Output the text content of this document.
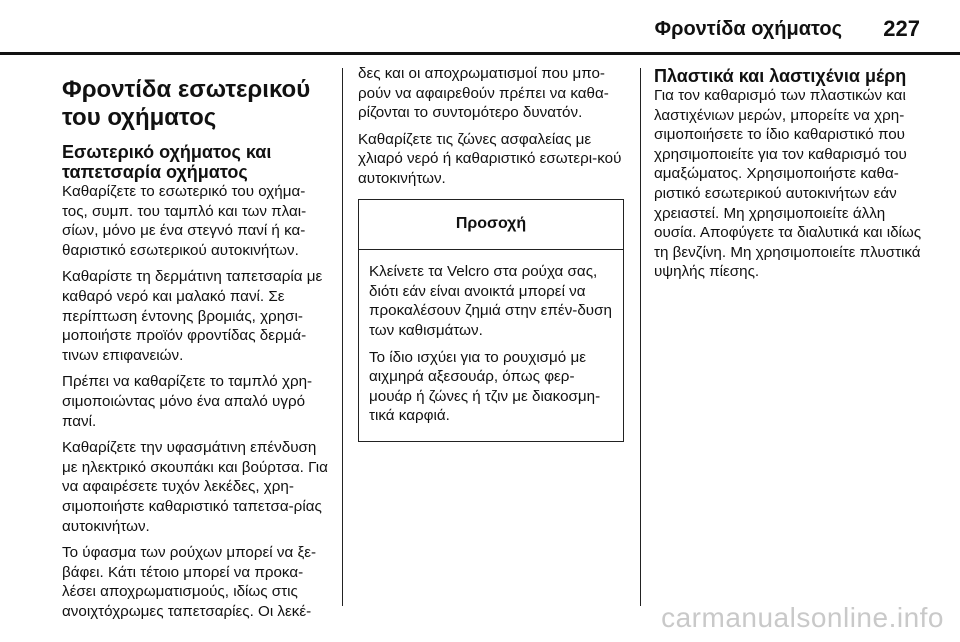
Φροντίδα οχήματος 227
Φροντίδα εσωτερικού του οχήματος
Εσωτερικό οχήματος και ταπετσαρία οχήματος

Καθαρίζετε το εσωτερικό του οχήμα-τος, συμπ. του ταμπλό και των πλαι-σίων, μόνο με ένα στεγνό πανί ή κα-θαριστικό εσωτερικού αυτοκινήτων.

Καθαρίστε τη δερμάτινη ταπετσαρία με καθαρό νερό και μαλακό πανί. Σε περίπτωση έντονης βρομιάς, χρησι-μοποιήστε προϊόν φροντίδας δερμά-τινων επιφανειών.

Πρέπει να καθαρίζετε το ταμπλό χρη-σιμοποιώντας μόνο ένα απαλό υγρό πανί.

Καθαρίζετε την υφασμάτινη επένδυση με ηλεκτρικό σκουπάκι και βούρτσα. Για να αφαιρέσετε τυχόν λεκέδες, χρη-σιμοποιήστε καθαριστικό ταπετσα-ρίας αυτοκινήτων.

Το ύφασμα των ρούχων μπορεί να ξε-βάφει. Κάτι τέτοιο μπορεί να προκα-λέσει αποχρωματισμούς, ιδίως στις ανοιχτόχρωμες ταπετσαρίες. Οι λεκέ-

δες και οι αποχρωματισμοί που μπο-ρούν να αφαιρεθούν πρέπει να καθα-ρίζονται το συντομότερο δυνατόν.

Καθαρίζετε τις ζώνες ασφαλείας με χλιαρό νερό ή καθαριστικό εσωτερι-κού αυτοκινήτων.

Προσοχή

Κλείνετε τα Velcro στα ρούχα σας, διότι εάν είναι ανοικτά μπορεί να προκαλέσουν ζημιά στην επέν-δυση των καθισμάτων.

Το ίδιο ισχύει για το ρουχισμό με αιχμηρά αξεσουάρ, όπως φερ-μουάρ ή ζώνες ή τζιν με διακοσμη-τικά καρφιά.

Πλαστικά και λαστιχένια μέρη

Για τον καθαρισμό των πλαστικών και λαστιχένιων μερών, μπορείτε να χρη-σιμοποιήσετε το ίδιο καθαριστικό που χρησιμοποιείτε για τον καθαρισμό του αμαξώματος. Χρησιμοποιήστε καθα-ριστικό εσωτερικού αυτοκινήτων εάν χρειαστεί. Μη χρησιμοποιείτε άλλη ουσία. Αποφύγετε τα διαλυτικά και ιδίως τη βενζίνη. Μη χρησιμοποιείτε πλυστικά υψηλής πίεσης.

carmanualsonline.info
